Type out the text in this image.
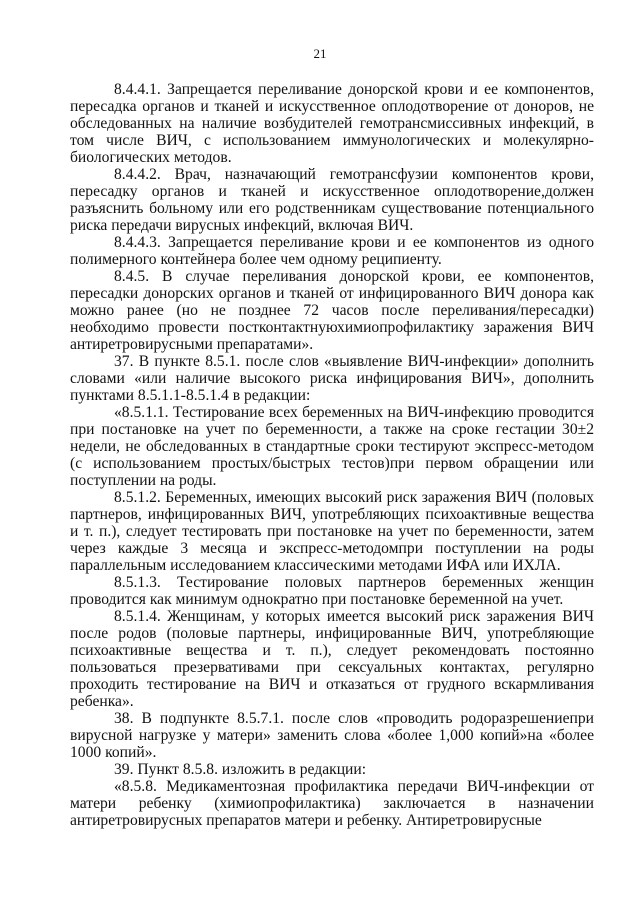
21

8.4.4.1. Запрещается переливание донорской крови и ее компонентов, пересадка органов и тканей и искусственное оплодотворение от доноров, не обследованных на наличие возбудителей гемотрансмиссивных инфекций, в том числе ВИЧ, с использованием иммунологических и молекулярно-биологических методов.

8.4.4.2. Врач, назначающий гемотрансфузии компонентов крови, пересадку органов и тканей и искусственное оплодотворение,должен разъяснить больному или его родственникам существование потенциального риска передачи вирусных инфекций, включая ВИЧ.

8.4.4.3. Запрещается переливание крови и ее компонентов из одного полимерного контейнера более чем одному реципиенту.

8.4.5. В случае переливания донорской крови, ее компонентов, пересадки донорских органов и тканей от инфицированного ВИЧ донора как можно ранее (но не позднее 72 часов после переливания/пересадки) необходимо провести постконтактнуюхимиопрофилактику заражения ВИЧ антиретровирусными препаратами».

37. В пункте 8.5.1. после слов «выявление ВИЧ-инфекции» дополнить словами «или наличие высокого риска инфицирования ВИЧ», дополнить пунктами 8.5.1.1-8.5.1.4 в редакции:

«8.5.1.1. Тестирование всех беременных на ВИЧ-инфекцию проводится при постановке на учет по беременности, а также на сроке гестации 30±2 недели, не обследованных в стандартные сроки тестируют экспресс-методом (с использованием простых/быстрых тестов)при первом обращении или поступлении на роды.

8.5.1.2. Беременных, имеющих высокий риск заражения ВИЧ (половых партнеров, инфицированных ВИЧ, употребляющих психоактивные вещества и т. п.), следует тестировать при постановке на учет по беременности, затем через каждые 3 месяца и экспресс-методомпри поступлении на роды параллельным исследованием классическими методами ИФА или ИХЛА.

8.5.1.3. Тестирование половых партнеров беременных женщин проводится как минимум однократно при постановке беременной на учет.

8.5.1.4. Женщинам, у которых имеется высокий риск заражения ВИЧ после родов (половые партнеры, инфицированные ВИЧ, употребляющие психоактивные вещества и т. п.), следует рекомендовать постоянно пользоваться презервативами при сексуальных контактах, регулярно проходить тестирование на ВИЧ и отказаться от грудного вскармливания ребенка».

38. В подпункте 8.5.7.1. после слов «проводить родоразрешениепри вирусной нагрузке у матери» заменить слова «более 1,000 копий»на «более 1000 копий».

39. Пункт 8.5.8. изложить в редакции:

«8.5.8. Медикаментозная профилактика передачи ВИЧ-инфекции от матери ребенку (химиопрофилактика) заключается в назначении антиретровирусных препаратов матери и ребенку. Антиретровирусные
